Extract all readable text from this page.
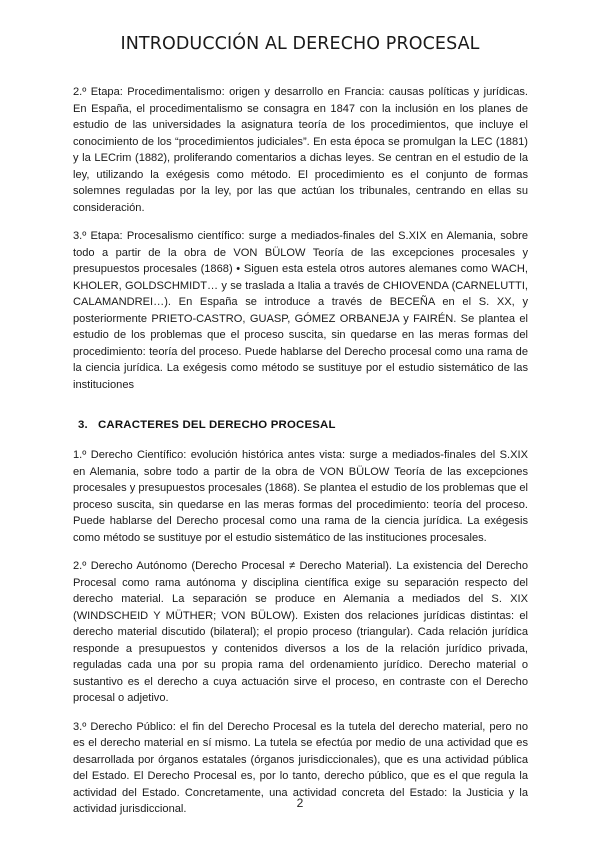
INTRODUCCIÓN AL DERECHO PROCESAL

2.º Etapa: Procedimentalismo: origen y desarrollo en Francia: causas políticas y jurídicas. En España, el procedimentalismo se consagra en 1847 con la inclusión en los planes de estudio de las universidades la asignatura teoría de los procedimientos, que incluye el conocimiento de los “procedimientos judiciales”. En esta época se promulgan la LEC (1881) y la LECrim (1882), proliferando comentarios a dichas leyes. Se centran en el estudio de la ley, utilizando la exégesis como método. El procedimiento es el conjunto de formas solemnes reguladas por la ley, por las que actúan los tribunales, centrando en ellas su consideración.

3.º Etapa: Procesalismo científico: surge a mediados-finales del S.XIX en Alemania, sobre todo a partir de la obra de VON BÜLOW Teoría de las excepciones procesales y presupuestos procesales (1868) • Siguen esta estela otros autores alemanes como WACH, KHOLER, GOLDSCHMIDT… y se traslada a Italia a través de CHIOVENDA (CARNELUTTI, CALAMANDREI…). En España se introduce a través de BECEÑA en el S. XX, y posteriormente PRIETO-CASTRO, GUASP, GÓMEZ ORBANEJA y FAIRÉN. Se plantea el estudio de los problemas que el proceso suscita, sin quedarse en las meras formas del procedimiento: teoría del proceso. Puede hablarse del Derecho procesal como una rama de la ciencia jurídica. La exégesis como método se sustituye por el estudio sistemático de las instituciones

3. CARACTERES DEL DERECHO PROCESAL

1.º Derecho Científico: evolución histórica antes vista: surge a mediados-finales del S.XIX en Alemania, sobre todo a partir de la obra de VON BÜLOW Teoría de las excepciones procesales y presupuestos procesales (1868). Se plantea el estudio de los problemas que el proceso suscita, sin quedarse en las meras formas del procedimiento: teoría del proceso. Puede hablarse del Derecho procesal como una rama de la ciencia jurídica. La exégesis como método se sustituye por el estudio sistemático de las instituciones procesales.

2.º Derecho Autónomo (Derecho Procesal ≠ Derecho Material). La existencia del Derecho Procesal como rama autónoma y disciplina científica exige su separación respecto del derecho material. La separación se produce en Alemania a mediados del S. XIX (WINDSCHEID Y MÜTHER; VON BÜLOW). Existen dos relaciones jurídicas distintas: el derecho material discutido (bilateral); el propio proceso (triangular). Cada relación jurídica responde a presupuestos y contenidos diversos a los de la relación jurídico privada, reguladas cada una por su propia rama del ordenamiento jurídico. Derecho material o sustantivo es el derecho a cuya actuación sirve el proceso, en contraste con el Derecho procesal o adjetivo.

3.º Derecho Público: el fin del Derecho Procesal es la tutela del derecho material, pero no es el derecho material en sí mismo. La tutela se efectúa por medio de una actividad que es desarrollada por órganos estatales (órganos jurisdiccionales), que es una actividad pública del Estado. El Derecho Procesal es, por lo tanto, derecho público, que es el que regula la actividad del Estado. Concretamente, una actividad concreta del Estado: la Justicia y la actividad jurisdiccional.	2
